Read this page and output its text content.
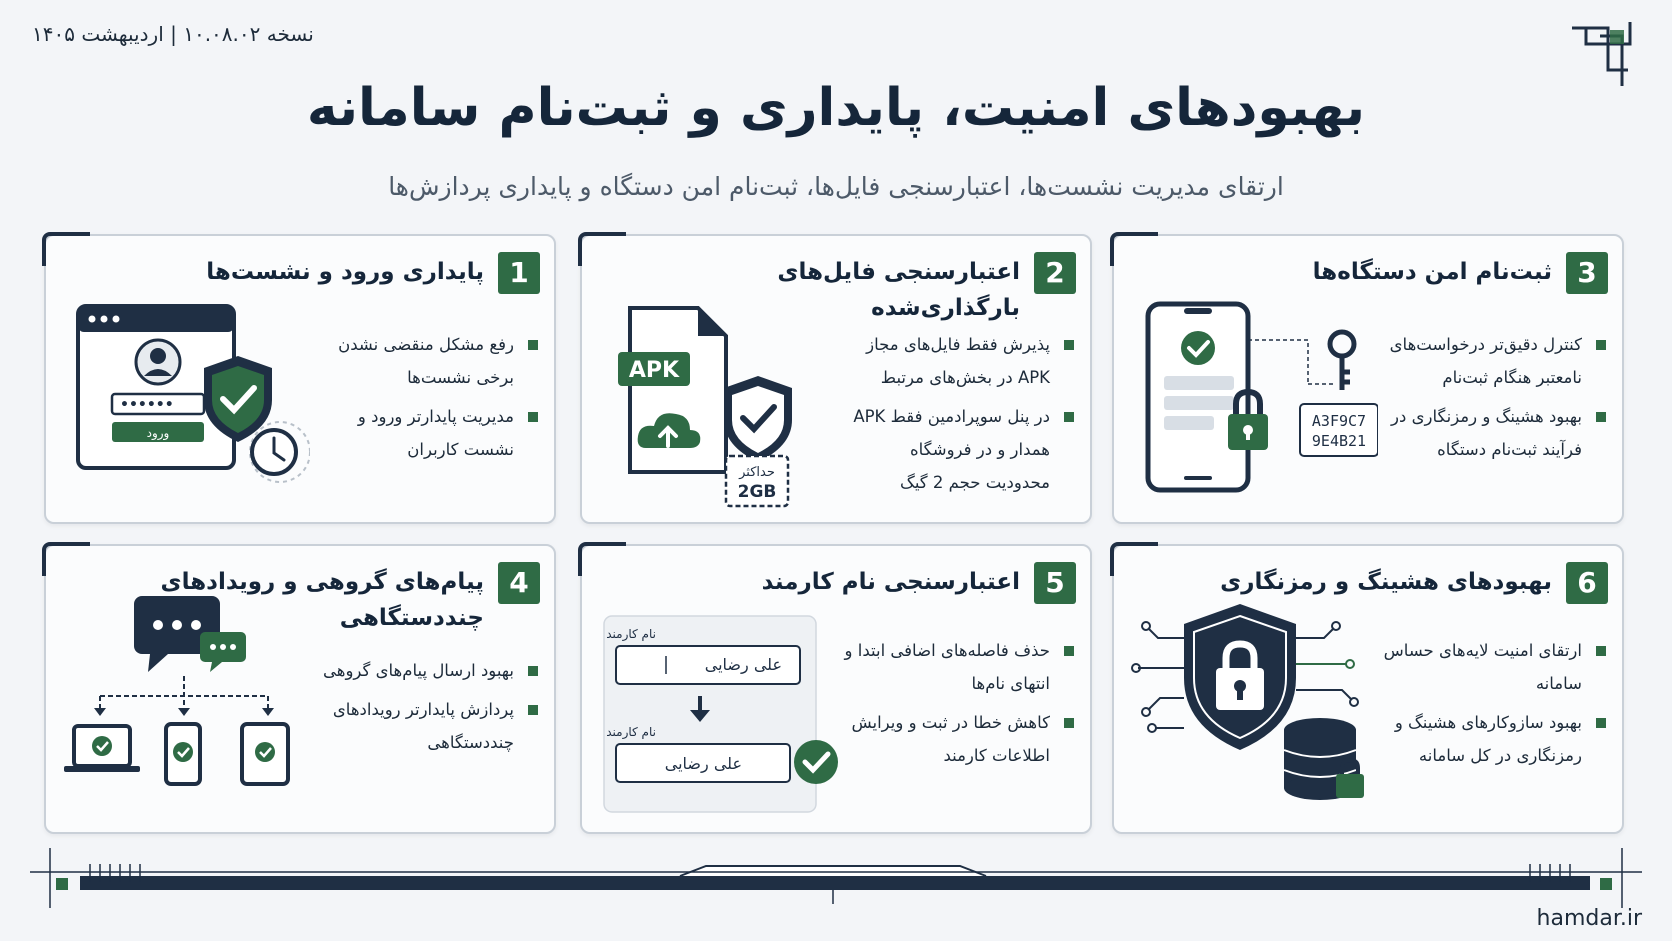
نسخه ۱۰.۰۸.۰۲ | اردیبهشت ۱۴۰۵
بهبودهای امنیت، پایداری و ثبت‌نام سامانه
ارتقای مدیریت نشست‌ها، اعتبارسنجی فایل‌ها، ثبت‌نام امن دستگاه و پایداری پردازش‌ها
1
پایداری ورود و نشست‌ها
رفع مشکل منقضی نشدن برخی نشست‌ها
مدیریت پایدارتر ورود و نشست کاربران
••••••
ورود
2
اعتبارسنجی فایل‌های بارگذاری‌شده
پذیرش فقط فایل‌های مجاز APK در بخش‌های مرتبط
در پنل سوپرادمین فقط APK همدار و در فروشگاه محدودیت حجم 2 گیگ
APK
حداکثر
2GB
3
ثبت‌نام امن دستگاه‌ها
کنترل دقیق‌تر درخواست‌های نامعتبر هنگام ثبت‌نام
بهبود هشینگ و رمزنگاری در فرآیند ثبت‌نام دستگاه
A3F9C7
9E4B21
4
پیام‌های گروهی و رویدادهای چنددستگاهی
بهبود ارسال پیام‌های گروهی
پردازش پایدارتر رویدادهای چنددستگاهی
5
اعتبارسنجی نام کارمند
حذف فاصله‌های اضافی ابتدا و انتهای نام‌ها
کاهش خطا در ثبت و ویرایش اطلاعات کارمند
نام کارمند
علی رضایی
نام کارمند
علی رضایی
6
بهبودهای هشینگ و رمزنگاری
ارتقای امنیت لایه‌های حساس سامانه
بهبود سازوکارهای هشینگ و رمزنگاری در کل سامانه
hamdar.ir
